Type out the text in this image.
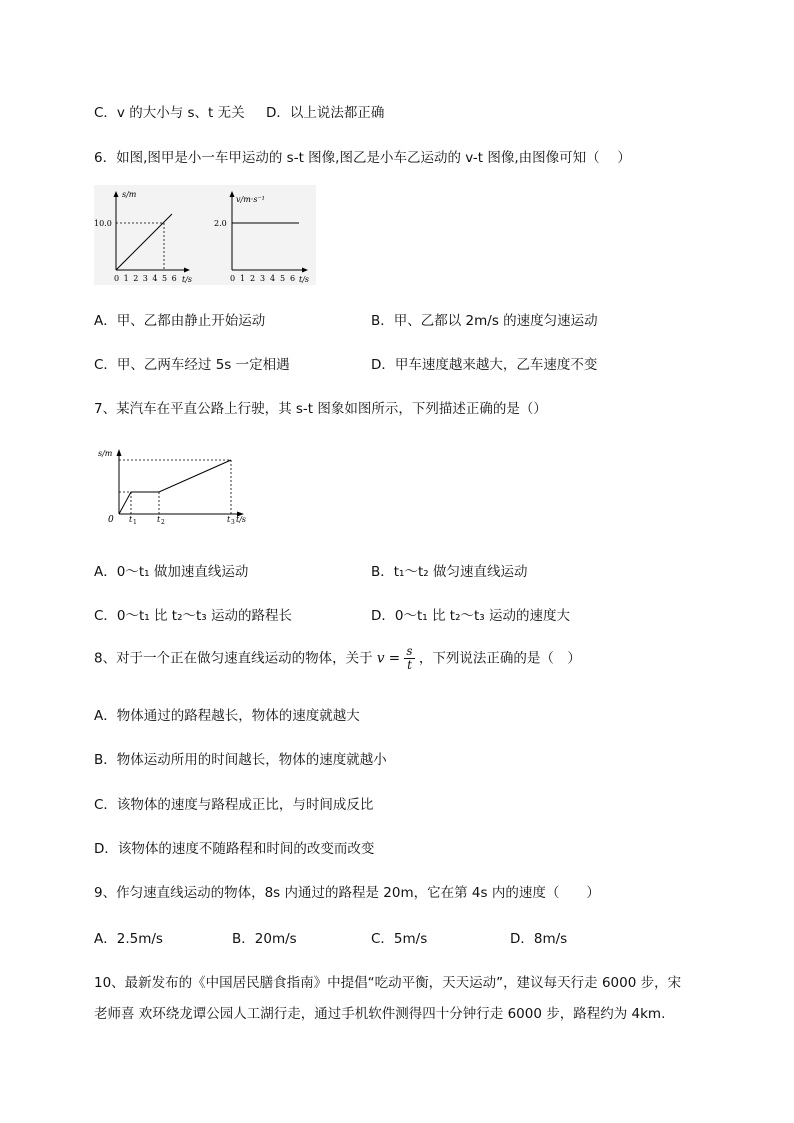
C．v 的大小与 s、t 无关 D．以上说法都正确
6．如图,图甲是小一车甲运动的 s-t 图像,图乙是小车乙运动的 v-t 图像,由图像可知（　 ）
s/m
10.0
0 1 2 3 4 5 6 t/s
v/m·s⁻¹
2.0
0 1 2 3 4 5 6 t/s
A．甲、乙都由静止开始运动	B．甲、乙都以 2m/s 的速度匀速运动
C．甲、乙两车经过 5s 一定相遇	D．甲车速度越来越大，乙车速度不变
7、某汽车在平直公路上行驶，其 s-t 图象如图所示，下列描述正确的是（）
s/m
0 t 1	t 2	t 3 t/s
A．0～t₁ 做加速直线运动	B．t₁～t₂ 做匀速直线运动
C．0～t₁ 比 t₂～t₃ 运动的路程长	D．0～t₁ 比 t₂～t₃ 运动的速度大
8、对于一个正在做匀速直线运动的物体，关于 $v = \frac{s}{t}$ ，下列说法正确的是（　）
A．物体通过的路程越长，物体的速度就越大
B．物体运动所用的时间越长，物体的速度就越小
C．该物体的速度与路程成正比，与时间成反比
D．该物体的速度不随路程和时间的改变而改变
9、作匀速直线运动的物体，8s 内通过的路程是 20m，它在第 4s 内的速度（　　）
A．2.5m/s	B．20m/s	C．5m/s	D．8m/s
10、最新发布的《中国居民膳食指南》中提倡“吃动平衡，天天运动”，建议每天行走 6000 步，宋
老师喜 欢环绕龙谭公园人工湖行走，通过手机软件测得四十分钟行走 6000 步，路程约为 4km.
